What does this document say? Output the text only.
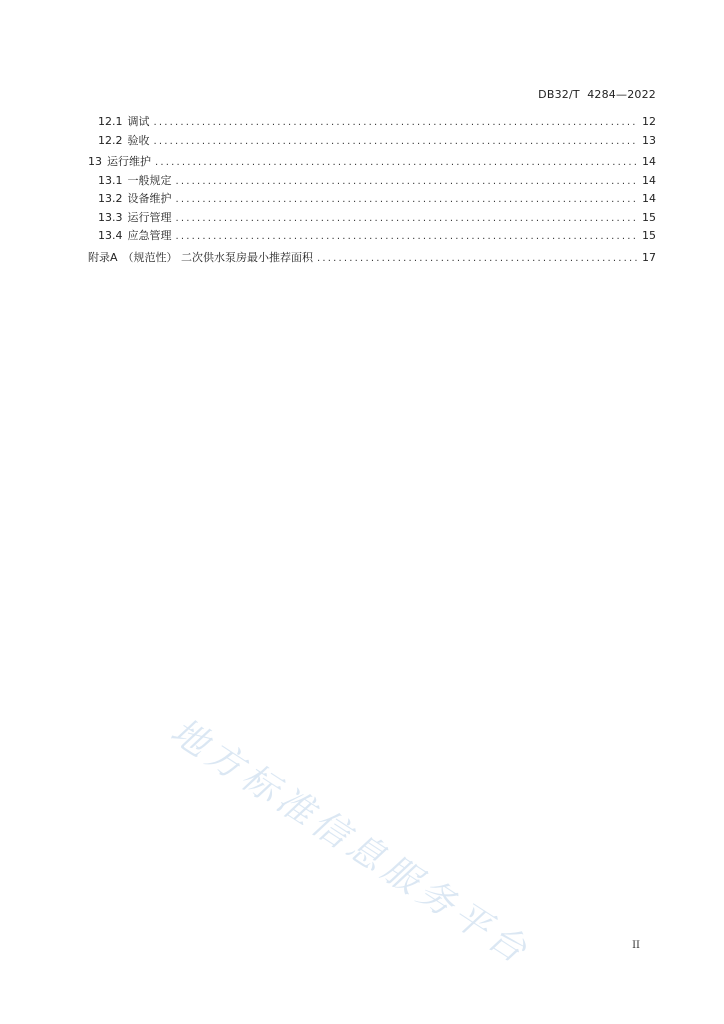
DB32/T  4284—2022
12.1 调试 .....	12
12.2 验收 .....	13
13 运行维护 .....	14
13.1 一般规定 .....	14
13.2 设备维护 .....	14
13.3 运行管理 .....	15
13.4 应急管理 .....	15
附录A （规范性） 二次供水泵房最小推荐面积 .....	17
地方标准信息服务平台	II
